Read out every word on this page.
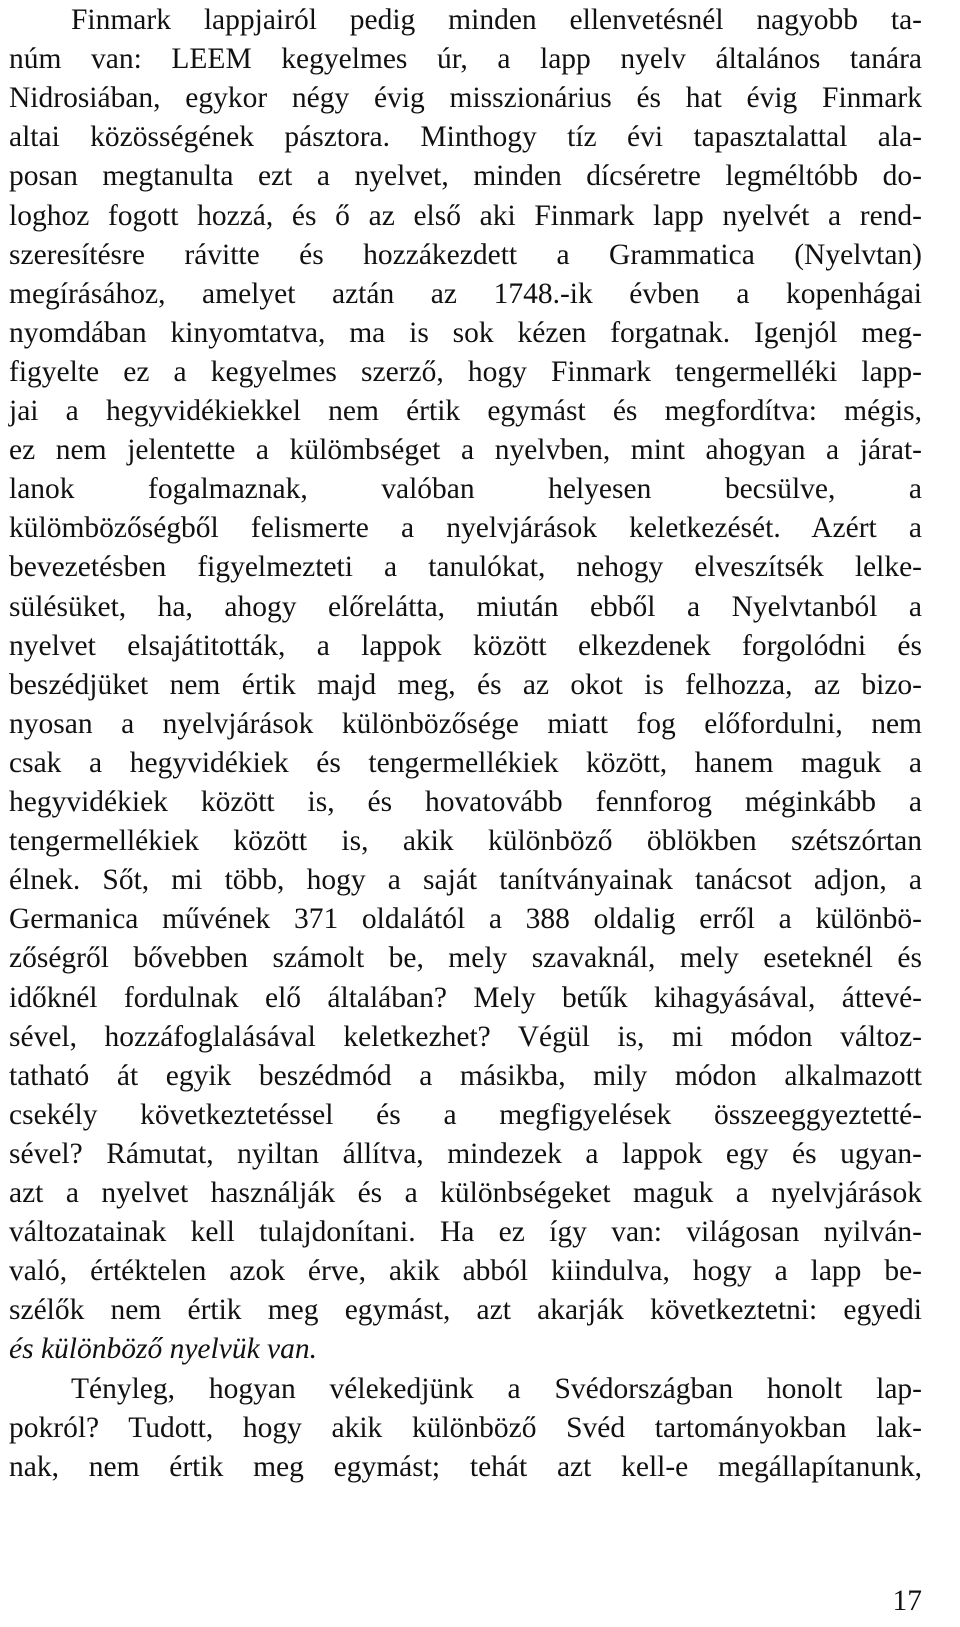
Finmark lappjairól pedig minden ellenvetésnél nagyobb ta-
núm van: LEEM kegyelmes úr, a lapp nyelv általános tanára
Nidrosiában, egykor négy évig misszionárius és hat évig Finmark
altai közösségének pásztora. Minthogy tíz évi tapasztalattal ala-
posan megtanulta ezt a nyelvet, minden dícséretre legméltóbb do-
loghoz fogott hozzá, és ő az első aki Finmark lapp nyelvét a rend-
szeresítésre rávitte és hozzákezdett a Grammatica (Nyelvtan)
megírásához, amelyet aztán az 1748.-ik évben a kopenhágai
nyomdában kinyomtatva, ma is sok kézen forgatnak. Igenjól meg-
figyelte ez a kegyelmes szerző, hogy Finmark tengermelléki lapp-
jai a hegyvidékiekkel nem értik egymást és megfordítva: mégis,
ez nem jelentette a külömbséget a nyelvben, mint ahogyan a járat-
lanok fogalmaznak, valóban helyesen becsülve, a
külömbözőségből felismerte a nyelvjárások keletkezését. Azért a
bevezetésben figyelmezteti a tanulókat, nehogy elveszítsék lelke-
sülésüket, ha, ahogy előrelátta, miután ebből a Nyelvtanból a
nyelvet elsajátitották, a lappok között elkezdenek forgolódni és
beszédjüket nem értik majd meg, és az okot is felhozza, az bizo-
nyosan a nyelvjárások különbözősége miatt fog előfordulni, nem
csak a hegyvidékiek és tengermellékiek között, hanem maguk a
hegyvidékiek között is, és hovatovább fennforog méginkább a
tengermellékiek között is, akik különböző öblökben szétszórtan
élnek. Sőt, mi több, hogy a saját tanítványainak tanácsot adjon, a
Germanica művének 371 oldalától a 388 oldalig erről a különbö-
zőségről bővebben számolt be, mely szavaknál, mely eseteknél és
időknél fordulnak elő általában? Mely betűk kihagyásával, áttevé-
sével, hozzáfoglalásával keletkezhet? Végül is, mi módon változ-
tatható át egyik beszédmód a másikba, mily módon alkalmazott
csekély következtetéssel és a megfigyelések összeeggyeztetté-
sével? Rámutat, nyiltan állítva, mindezek a lappok egy és ugyan-
azt a nyelvet használják és a különbségeket maguk a nyelvjárások
változatainak kell tulajdonítani. Ha ez így van: világosan nyilván-
való, értéktelen azok érve, akik abból kiindulva, hogy a lapp be-
szélők nem értik meg egymást, azt akarják következtetni: egyedi
és különböző nyelvük van.
Tényleg, hogyan vélekedjünk a Svédországban honolt lap-
pokról? Tudott, hogy akik különböző Svéd tartományokban lak-
nak, nem értik meg egymást; tehát azt kell-e megállapítanunk,
17
